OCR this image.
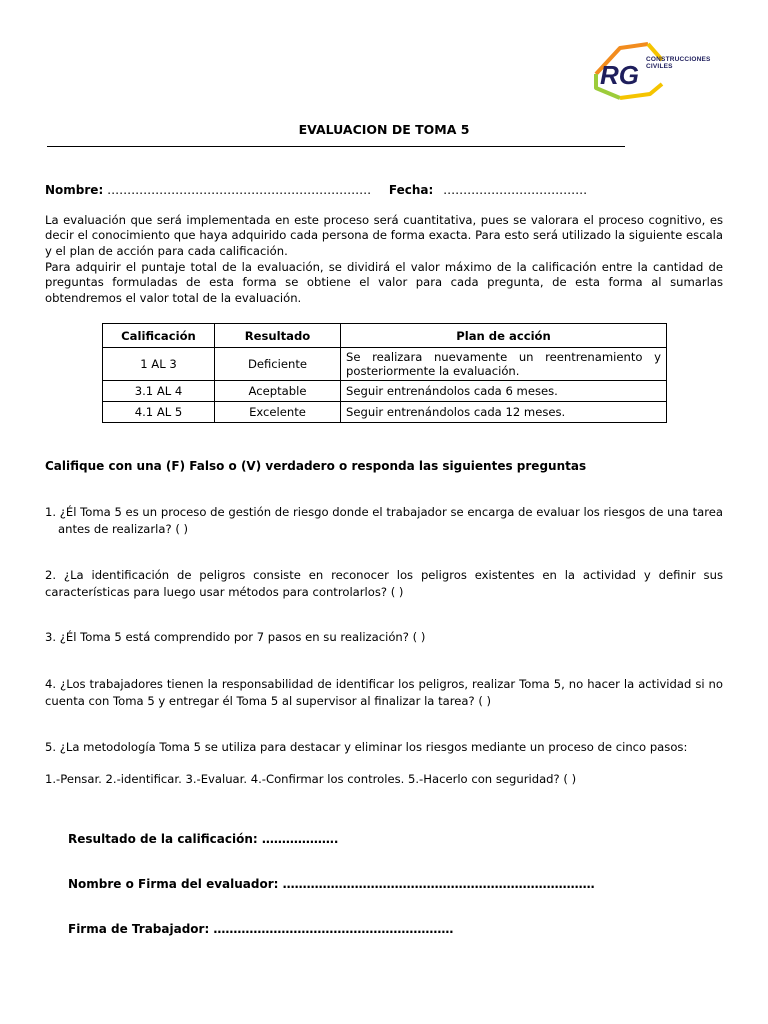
RG
CONSTRUCCIONES
CIVILES
EVALUACION DE TOMA 5
Nombre: ………………………………………………………… Fecha: ………………………………

La evaluación que será implementada en este proceso será cuantitativa, pues se valorara el proceso cognitivo, es decir el conocimiento que haya adquirido cada persona de forma exacta. Para esto será utilizado la siguiente escala y el plan de acción para cada calificación.

Para adquirir el puntaje total de la evaluación, se dividirá el valor máximo de la calificación entre la cantidad de preguntas formuladas de esta forma se obtiene el valor para cada pregunta, de esta forma al sumarlas obtendremos el valor total de la evaluación.

Calificación	Resultado	Plan de acción
1 AL 3	Deficiente	Se realizara nuevamente un reentrenamiento y posteriormente la evaluación.
3.1 AL 4	Aceptable	Seguir entrenándolos cada 6 meses.
4.1 AL 5	Excelente	Seguir entrenándolos cada 12 meses.
Califique con una (F) Falso o (V) verdadero o responda las siguientes preguntas

1. ¿Él Toma 5 es un proceso de gestión de riesgo donde el trabajador se encarga de evaluar los riesgos de una tarea antes de realizarla? ( )

2. ¿La identificación de peligros consiste en reconocer los peligros existentes en la actividad y definir sus características para luego usar métodos para controlarlos? ( )

3. ¿Él Toma 5 está comprendido por 7 pasos en su realización? ( )

4. ¿Los trabajadores tienen la responsabilidad de identificar los peligros, realizar Toma 5, no hacer la actividad si no cuenta con Toma 5 y entregar él Toma 5 al supervisor al finalizar la tarea? ( )

5. ¿La metodología Toma 5 se utiliza para destacar y eliminar los riesgos mediante un proceso de cinco pasos:

1.-Pensar. 2.-identificar. 3.-Evaluar. 4.-Confirmar los controles. 5.-Hacerlo con seguridad? ( )

Resultado de la calificación: ……………….
Nombre o Firma del evaluador: ……………………………………………………………………
Firma de Trabajador: ……………………………………………………
